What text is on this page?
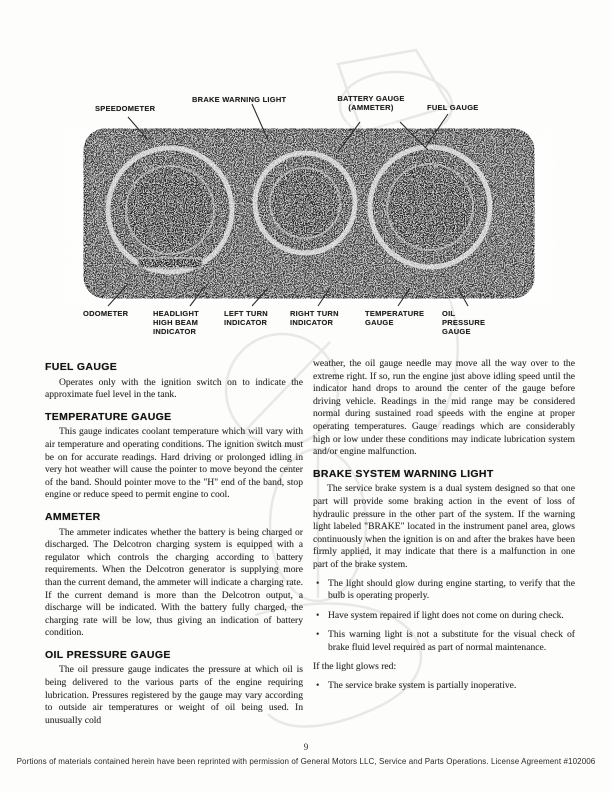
SPEEDOMETER
BRAKE WARNING LIGHT	BATTERY GAUGE (AMMETER)	FUEL GAUGE
ODOMETER	HEADLIGHT HIGH BEAM INDICATOR
LEFT TURN INDICATOR
RIGHT TURN INDICATOR
TEMPERATURE GAUGE
OIL PRESSURE GAUGE
FUEL GAUGE

Operates only with the ignition switch on to indicate the approximate fuel level in the tank.

TEMPERATURE GAUGE

This gauge indicates coolant temperature which will vary with air temperature and operating conditions. The ignition switch must be on for accurate readings. Hard driving or prolonged idling in very hot weather will cause the pointer to move beyond the center of the band. Should pointer move to the "H" end of the band, stop engine or reduce speed to permit engine to cool.

AMMETER

The ammeter indicates whether the battery is being charged or discharged. The Delcotron charging system is equipped with a regulator which controls the charging according to battery requirements. When the Delcotron generator is supplying more than the current demand, the ammeter will indicate a charging rate. If the current demand is more than the Delcotron output, a discharge will be indicated. With the battery fully charged, the charging rate will be low, thus giving an indication of battery condition.

OIL PRESSURE GAUGE

The oil pressure gauge indicates the pressure at which oil is being delivered to the various parts of the engine requiring lubrication. Pressures registered by the gauge may vary according to outside air temperatures or weight of oil being used. In unusually cold

weather, the oil gauge needle may move all the way over to the extreme right. If so, run the engine just above idling speed until the indicator hand drops to around the center of the gauge before driving vehicle. Readings in the mid range may be considered normal during sustained road speeds with the engine at proper operating temperatures. Gauge readings which are considerably high or low under these conditions may indicate lubrication system and/or engine malfunction.

BRAKE SYSTEM WARNING LIGHT

The service brake system is a dual system designed so that one part will provide some braking action in the event of loss of hydraulic pressure in the other part of the system. If the warning light labeled "BRAKE" located in the instrument panel area, glows continuously when the ignition is on and after the brakes have been firmly applied, it may indicate that there is a malfunction in one part of the brake system.

• The light should glow during engine starting, to verify that the bulb is operating properly.
• Have system repaired if light does not come on during check.
• This warning light is not a substitute for the visual check of brake fluid level required as part of normal maintenance.

If the light glows red:

• The service brake system is partially inoperative.
9
Portions of materials contained herein have been reprinted with permission of General Motors LLC, Service and Parts Operations. License Agreement #102006
